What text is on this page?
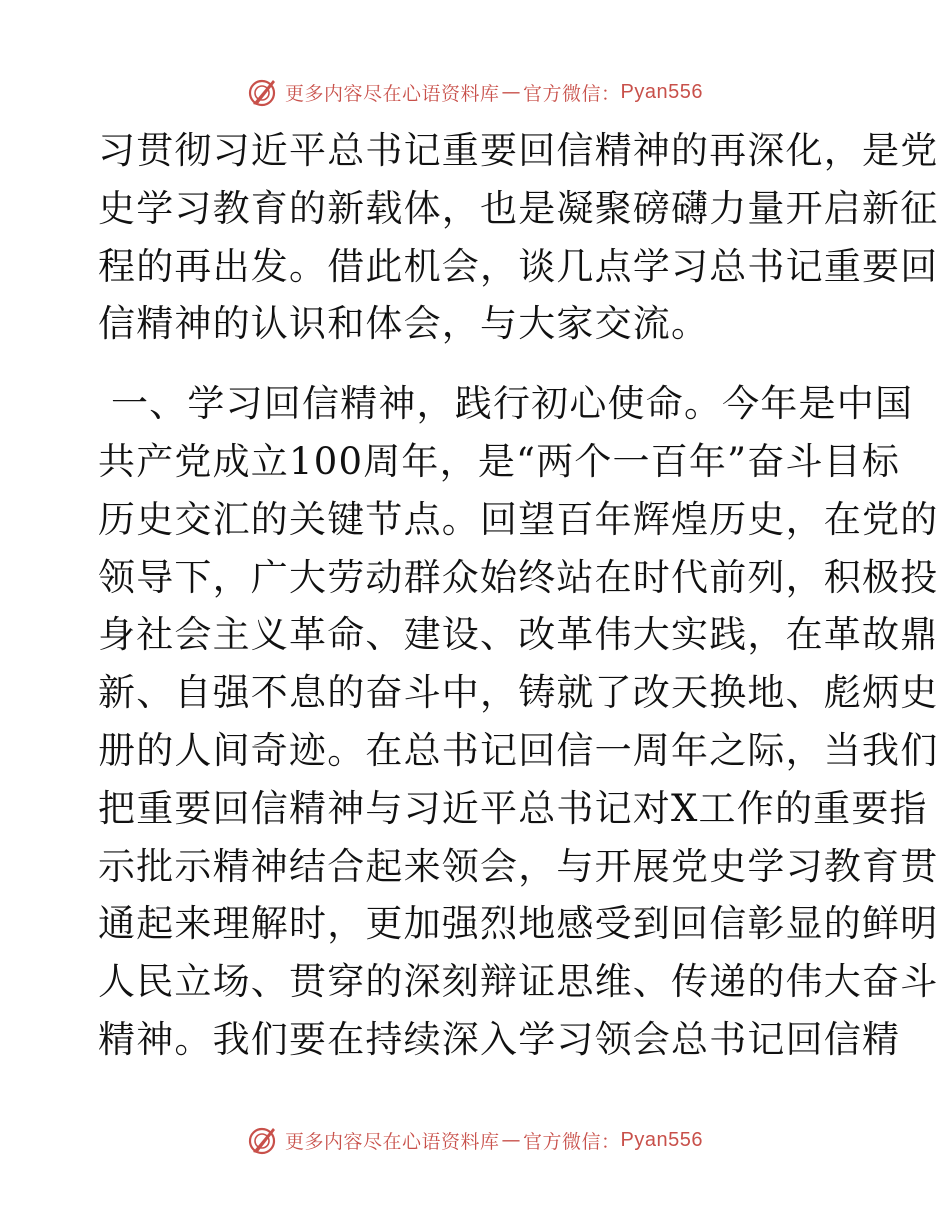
更多内容尽在心语资料库 — 官方微信： Pyan556
习贯彻习近平总书记重要回信精神的再深化，是党
史学习教育的新载体，也是凝聚磅礴力量开启新征
程的再出发。借此机会，谈几点学习总书记重要回
信精神的认识和体会，与大家交流。
一、学习回信精神，践行初心使命。今年是中国
共产党成立100周年，是“两个一百年”奋斗目标
历史交汇的关键节点。回望百年辉煌历史，在党的
领导下，广大劳动群众始终站在时代前列，积极投
身社会主义革命、建设、改革伟大实践，在革故鼎
新、自强不息的奋斗中，铸就了改天换地、彪炳史
册的人间奇迹。在总书记回信一周年之际，当我们
把重要回信精神与习近平总书记对X工作的重要指
示批示精神结合起来领会，与开展党史学习教育贯
通起来理解时，更加强烈地感受到回信彰显的鲜明
人民立场、贯穿的深刻辩证思维、传递的伟大奋斗
精神。我们要在持续深入学习领会总书记回信精
更多内容尽在心语资料库 — 官方微信： Pyan556
